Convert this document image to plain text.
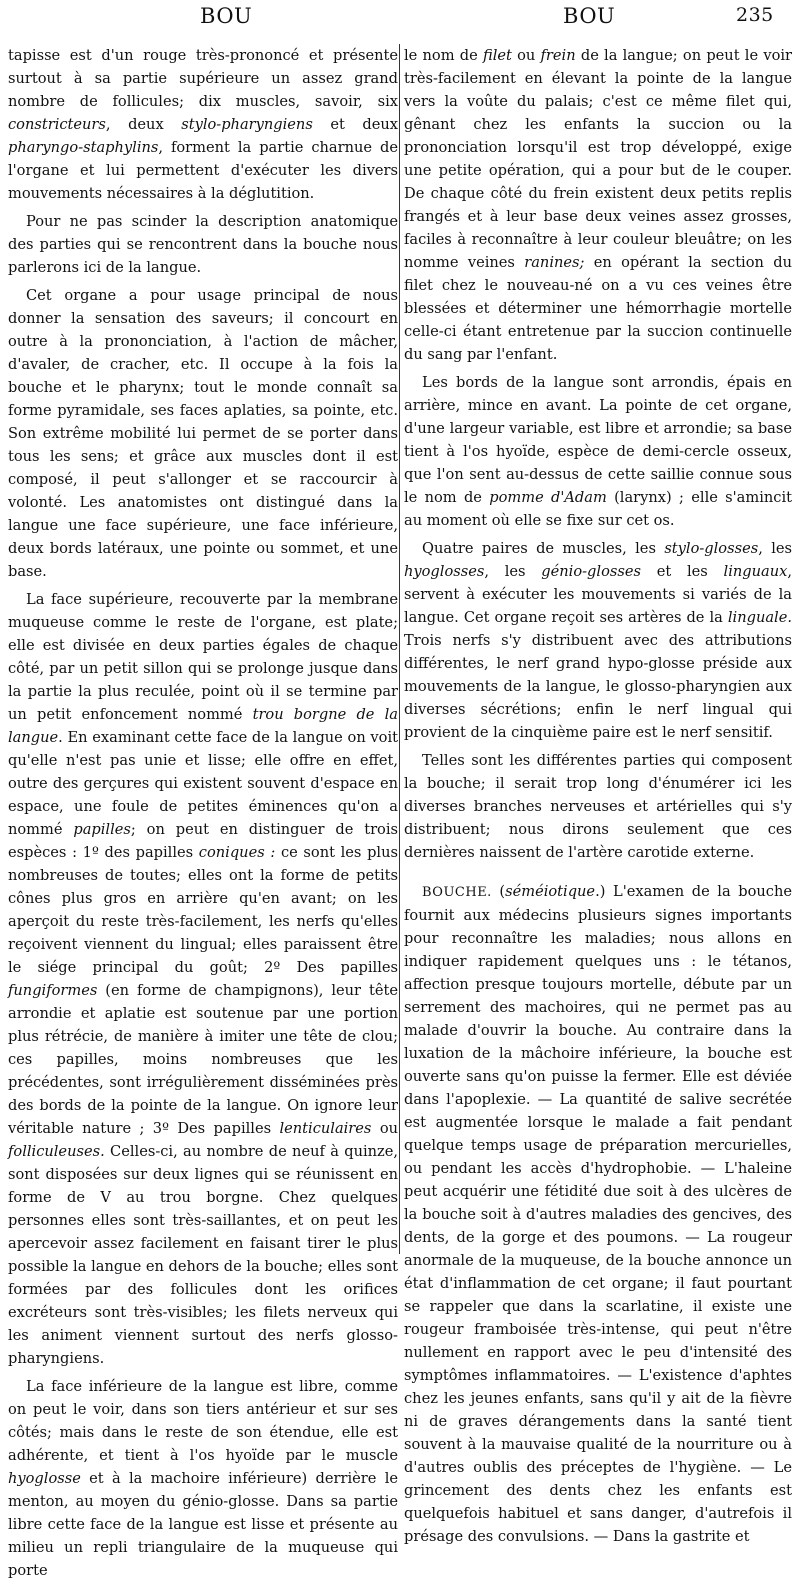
BOU	BOU	235

tapisse est d'un rouge très-prononcé et présente surtout à sa partie supérieure un assez grand nombre de follicules; dix muscles, savoir, six constricteurs, deux stylo-pharyngiens et deux pharyngo-staphylins, forment la partie charnue de l'organe et lui permettent d'exécuter les divers mouvements nécessaires à la déglutition.

Pour ne pas scinder la description anatomique des parties qui se rencontrent dans la bouche nous parlerons ici de la langue.

Cet organe a pour usage principal de nous donner la sensation des saveurs; il concourt en outre à la prononciation, à l'action de mâcher, d'avaler, de cracher, etc. Il occupe à la fois la bouche et le pharynx; tout le monde connaît sa forme pyramidale, ses faces aplaties, sa pointe, etc. Son extrême mobilité lui permet de se porter dans tous les sens; et grâce aux muscles dont il est composé, il peut s'allonger et se raccourcir à volonté. Les anatomistes ont distingué dans la langue une face supérieure, une face inférieure, deux bords latéraux, une pointe ou sommet, et une base.

La face supérieure, recouverte par la membrane muqueuse comme le reste de l'organe, est plate; elle est divisée en deux parties égales de chaque côté, par un petit sillon qui se prolonge jusque dans la partie la plus reculée, point où il se termine par un petit enfoncement nommé trou borgne de la langue. En examinant cette face de la langue on voit qu'elle n'est pas unie et lisse; elle offre en effet, outre des gerçures qui existent souvent d'espace en espace, une foule de petites éminences qu'on a nommé papilles; on peut en distinguer de trois espèces : 1º des papilles coniques : ce sont les plus nombreuses de toutes; elles ont la forme de petits cônes plus gros en arrière qu'en avant; on les aperçoit du reste très-facilement, les nerfs qu'elles reçoivent viennent du lingual; elles paraissent être le siége principal du goût; 2º Des papilles fungiformes (en forme de champignons), leur tête arrondie et aplatie est soutenue par une portion plus rétrécie, de manière à imiter une tête de clou; ces papilles, moins nombreuses que les précédentes, sont irrégulièrement disséminées près des bords de la pointe de la langue. On ignore leur véritable nature ; 3º Des papilles lenticulaires ou folliculeuses. Celles-ci, au nombre de neuf à quinze, sont disposées sur deux lignes qui se réunissent en forme de V au trou borgne. Chez quelques personnes elles sont très-saillantes, et on peut les apercevoir assez facilement en faisant tirer le plus possible la langue en dehors de la bouche; elles sont formées par des follicules dont les orifices excréteurs sont très-visibles; les filets nerveux qui les animent viennent surtout des nerfs glosso-pharyngiens.

La face inférieure de la langue est libre, comme on peut le voir, dans son tiers antérieur et sur ses côtés; mais dans le reste de son étendue, elle est adhérente, et tient à l'os hyoïde par le muscle hyoglosse et à la machoire inférieure) derrière le menton, au moyen du génio-glosse. Dans sa partie libre cette face de la langue est lisse et présente au milieu un repli triangulaire de la muqueuse qui porte

le nom de filet ou frein de la langue; on peut le voir très-facilement en élevant la pointe de la langue vers la voûte du palais; c'est ce même filet qui, gênant chez les enfants la succion ou la prononciation lorsqu'il est trop développé, exige une petite opération, qui a pour but de le couper. De chaque côté du frein existent deux petits replis frangés et à leur base deux veines assez grosses, faciles à reconnaître à leur couleur bleuâtre; on les nomme veines ranines; en opérant la section du filet chez le nouveau-né on a vu ces veines être blessées et déterminer une hémorrhagie mortelle celle-ci étant entretenue par la succion continuelle du sang par l'enfant.

Les bords de la langue sont arrondis, épais en arrière, mince en avant. La pointe de cet organe, d'une largeur variable, est libre et arrondie; sa base tient à l'os hyoïde, espèce de demi-cercle osseux, que l'on sent au-dessus de cette saillie connue sous le nom de pomme d'Adam (larynx) ; elle s'amincit au moment où elle se fixe sur cet os.

Quatre paires de muscles, les stylo-glosses, les hyoglosses, les génio-glosses et les linguaux, servent à exécuter les mouvements si variés de la langue. Cet organe reçoit ses artères de la linguale. Trois nerfs s'y distribuent avec des attributions différentes, le nerf grand hypo-glosse préside aux mouvements de la langue, le glosso-pharyngien aux diverses sécrétions; enfin le nerf lingual qui provient de la cinquième paire est le nerf sensitif.

Telles sont les différentes parties qui composent la bouche; il serait trop long d'énumérer ici les diverses branches nerveuses et artérielles qui s'y distribuent; nous dirons seulement que ces dernières naissent de l'artère carotide externe.

BOUCHE. (séméiotique.) L'examen de la bouche fournit aux médecins plusieurs signes importants pour reconnaître les maladies; nous allons en indiquer rapidement quelques uns : le tétanos, affection presque toujours mortelle, débute par un serrement des machoires, qui ne permet pas au malade d'ouvrir la bouche. Au contraire dans la luxation de la mâchoire inférieure, la bouche est ouverte sans qu'on puisse la fermer. Elle est déviée dans l'apoplexie. — La quantité de salive secrétée est augmentée lorsque le malade a fait pendant quelque temps usage de préparation mercurielles, ou pendant les accès d'hydrophobie. — L'haleine peut acquérir une fétidité due soit à des ulcères de la bouche soit à d'autres maladies des gencives, des dents, de la gorge et des poumons. — La rougeur anormale de la muqueuse, de la bouche annonce un état d'inflammation de cet organe; il faut pourtant se rappeler que dans la scarlatine, il existe une rougeur framboisée très-intense, qui peut n'être nullement en rapport avec le peu d'intensité des symptômes inflammatoires. — L'existence d'aphtes chez les jeunes enfants, sans qu'il y ait de la fièvre ni de graves dérangements dans la santé tient souvent à la mauvaise qualité de la nourriture ou à d'autres oublis des préceptes de l'hygiène. — Le grincement des dents chez les enfants est quelquefois habituel et sans danger, d'autrefois il présage des convulsions. — Dans la gastrite et
